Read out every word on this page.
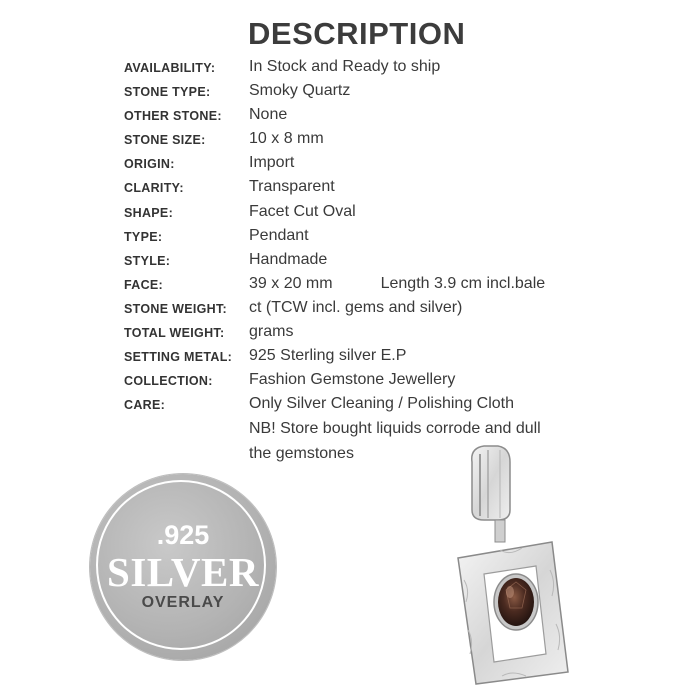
DESCRIPTION
AVAILABILITY: In Stock and Ready to ship
STONE TYPE: Smoky Quartz
OTHER STONE: None
STONE SIZE:	10 x 8 mm
ORIGIN:	Import
CLARITY:	Transparent
SHAPE:	Facet Cut Oval
TYPE:	Pendant
STYLE:	Handmade
FACE:	39 x 20 mm	Length 3.9 cm incl.bale
STONE WEIGHT: ct (TCW incl. gems and silver)
TOTAL WEIGHT: grams
SETTING METAL: 925 Sterling silver E.P
COLLECTION: Fashion Gemstone Jewellery
CARE:	Only Silver Cleaning / Polishing Cloth
NB! Store bought liquids corrode and dull
the gemstones
.925
SILVER
OVERLAY
